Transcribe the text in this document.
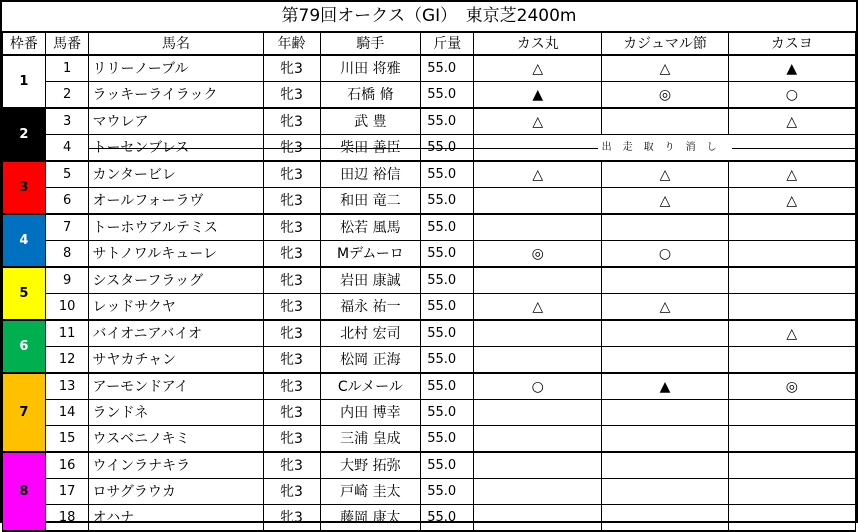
第79回オークス（GⅠ）　東京芝2400m								
枠番	馬番	馬名	年齢	騎手	斤量	カス丸	カジュマル節	カスヨ
1	1	リリーノーブル	牝3	川田 将雅	55.0	△	△	▲
	2	ラッキーライラック	牝3	石橋 脩	55.0	▲	◎	○
2	3	マウレア	牝3	武 豊	55.0	△		△
	4	トーセンブレス	牝3	柴田 善臣	55.0	出走取り消し		
3	5	カンタービレ	牝3	田辺 裕信	55.0	△	△	△
	6	オールフォーラヴ	牝3	和田 竜二	55.0		△	△
4	7	トーホウアルテミス	牝3	松若 風馬	55.0			
	8	サトノワルキューレ	牝3	Mデムーロ	55.0	◎	○	
5	9	シスターフラッグ	牝3	岩田 康誠	55.0			
	10	レッドサクヤ	牝3	福永 祐一	55.0	△	△	
6	11	バイオニアバイオ	牝3	北村 宏司	55.0			△
	12	サヤカチャン	牝3	松岡 正海	55.0			
7	13	アーモンドアイ	牝3	Cルメール	55.0	○	▲	◎
	14	ランドネ	牝3	内田 博幸	55.0			
	15	ウスベニノキミ	牝3	三浦 皇成	55.0			
8	16	ウインラナキラ	牝3	大野 拓弥	55.0			
	17	ロサグラウカ	牝3	戸崎 圭太	55.0			
	18	オハナ	牝3	藤岡 康太	55.0			
